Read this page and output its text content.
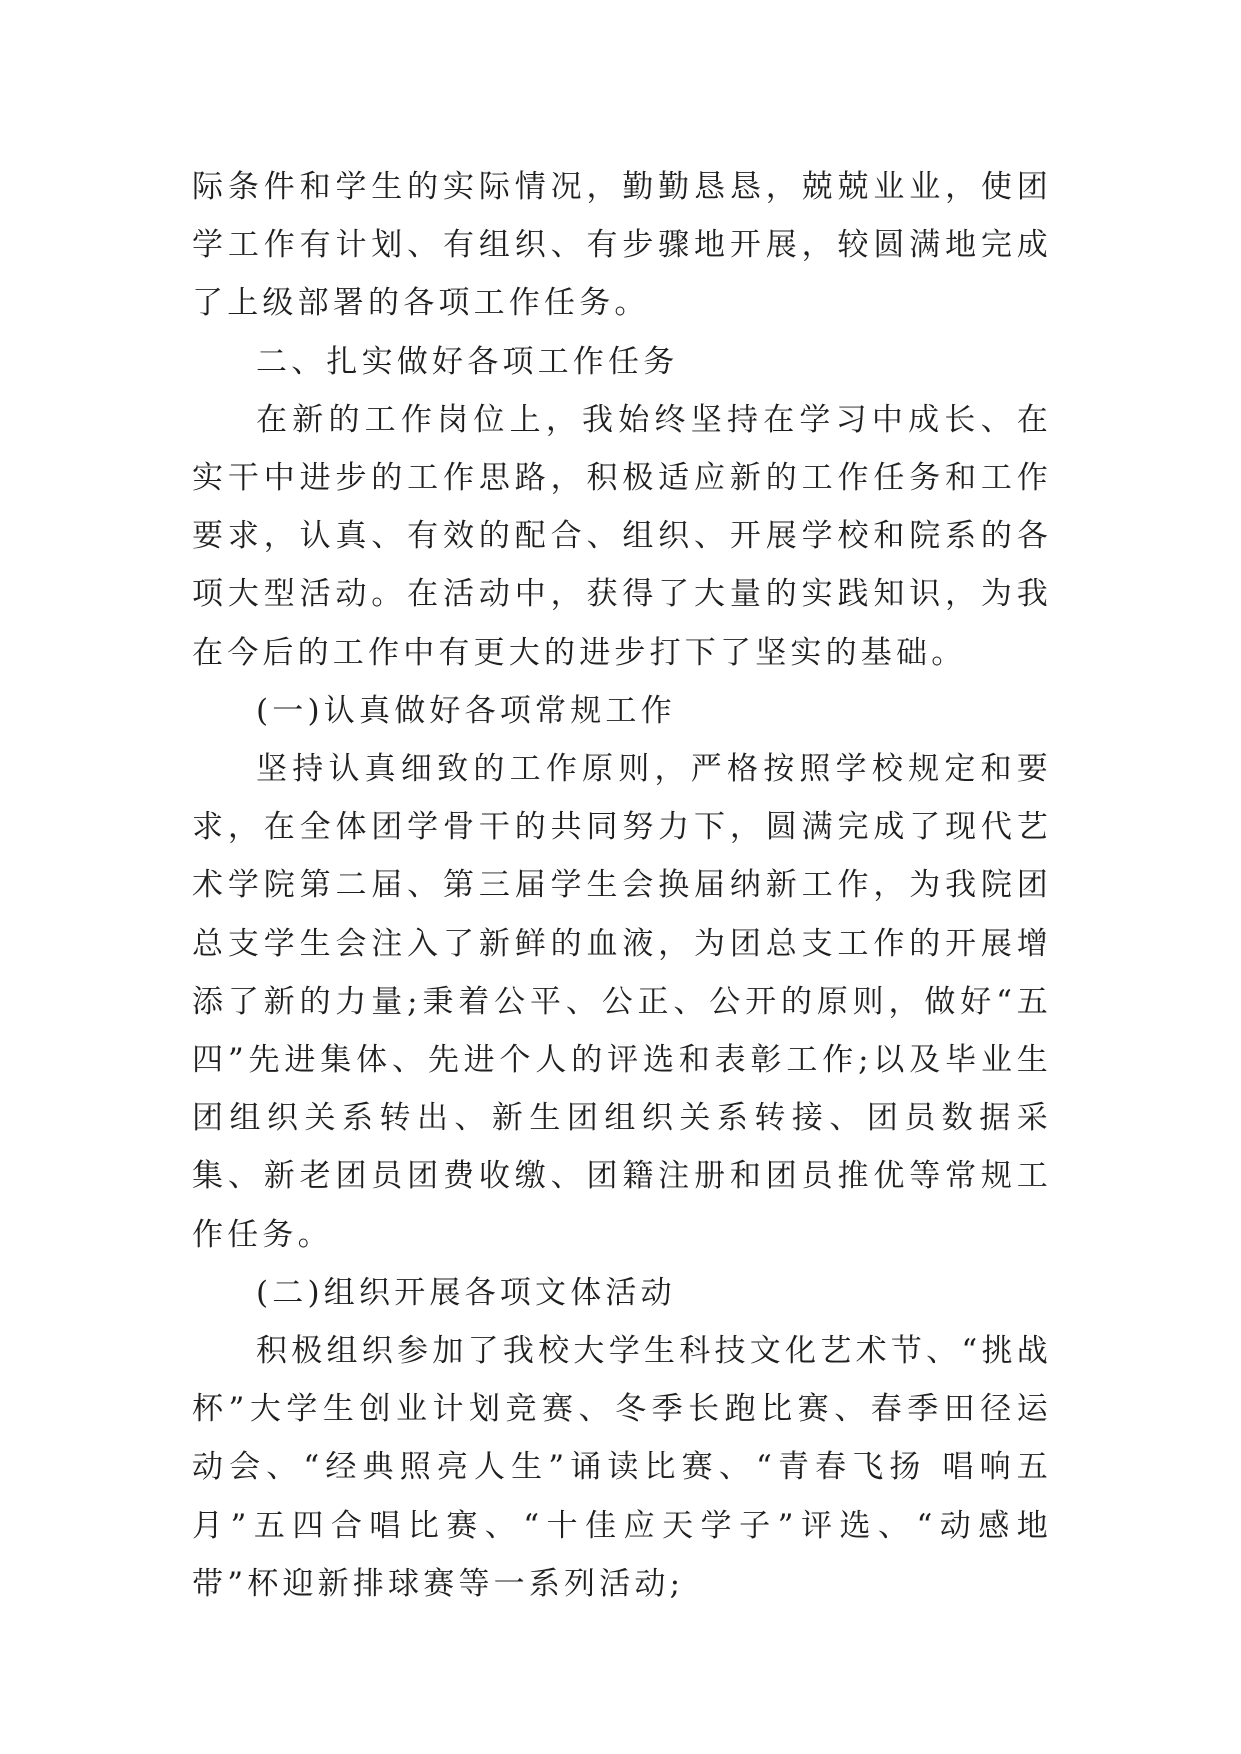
际条件和学生的实际情况，勤勤恳恳，兢兢业业，使团学工作有计划、有组织、有步骤地开展，较圆满地完成了上级部署的各项工作任务。

二、扎实做好各项工作任务

在新的工作岗位上，我始终坚持在学习中成长、在实干中进步的工作思路，积极适应新的工作任务和工作要求，认真、有效的配合、组织、开展学校和院系的各项大型活动。在活动中，获得了大量的实践知识，为我在今后的工作中有更大的进步打下了坚实的基础。

(一)认真做好各项常规工作

坚持认真细致的工作原则，严格按照学校规定和要求，在全体团学骨干的共同努力下，圆满完成了现代艺术学院第二届、第三届学生会换届纳新工作，为我院团总支学生会注入了新鲜的血液，为团总支工作的开展增添了新的力量;秉着公平、公正、公开的原则，做好“五四”先进集体、先进个人的评选和表彰工作;以及毕业生团组织关系转出、新生团组织关系转接、团员数据采集、新老团员团费收缴、团籍注册和团员推优等常规工作任务。

(二)组织开展各项文体活动

积极组织参加了我校大学生科技文化艺术节、“挑战杯”大学生创业计划竞赛、冬季长跑比赛、春季田径运动会、“经典照亮人生”诵读比赛、“青春飞扬 唱响五月”五四合唱比赛、“十佳应天学子”评选、“动感地带”杯迎新排球赛等一系列活动;
